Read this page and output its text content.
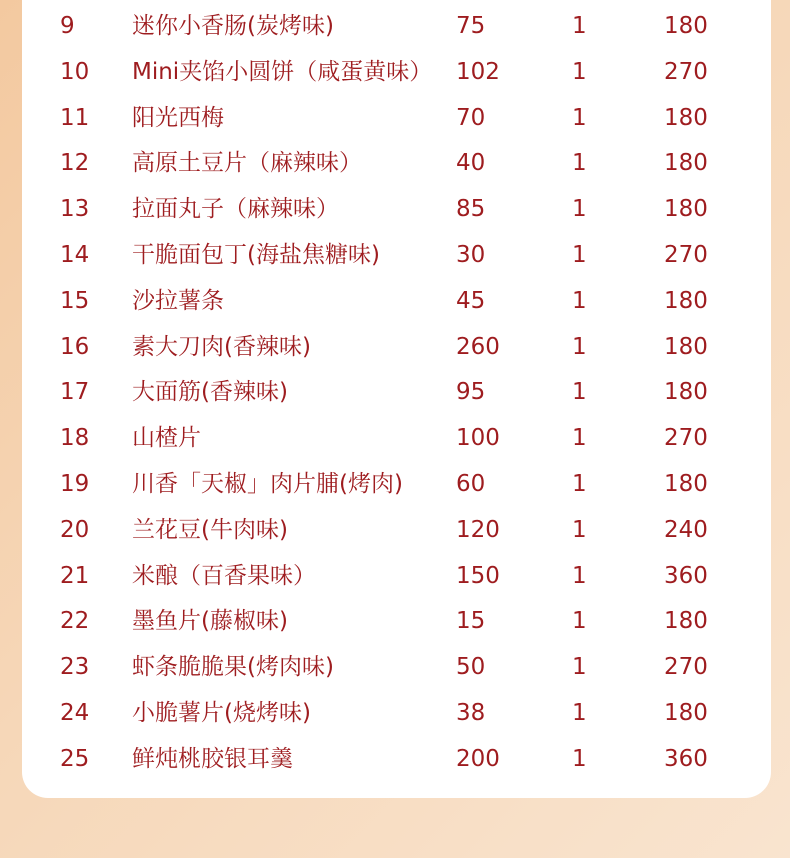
9 迷你小香肠(炭烤味)	75	1	180
10 Mini夹馅小圆饼（咸蛋黄味） 102	1	270
11 阳光西梅	70	1	180
12 高原土豆片（麻辣味）	40	1	180
13 拉面丸子（麻辣味）	85	1	180
14 干脆面包丁(海盐焦糖味)	30	1	270
15 沙拉薯条	45	1	180
16 素大刀肉(香辣味)	260	1	180
17 大面筋(香辣味)	95	1	180
18 山楂片	100	1	270
19 川香「天椒」肉片脯(烤肉) 60	1	180
20 兰花豆(牛肉味)	120	1	240
21 米酿（百香果味）	150	1	360
22 墨鱼片(藤椒味)	15	1	180
23 虾条脆脆果(烤肉味)	50	1	270
24 小脆薯片(烧烤味)	38	1	180
25 鲜炖桃胶银耳羹	200	1	360
